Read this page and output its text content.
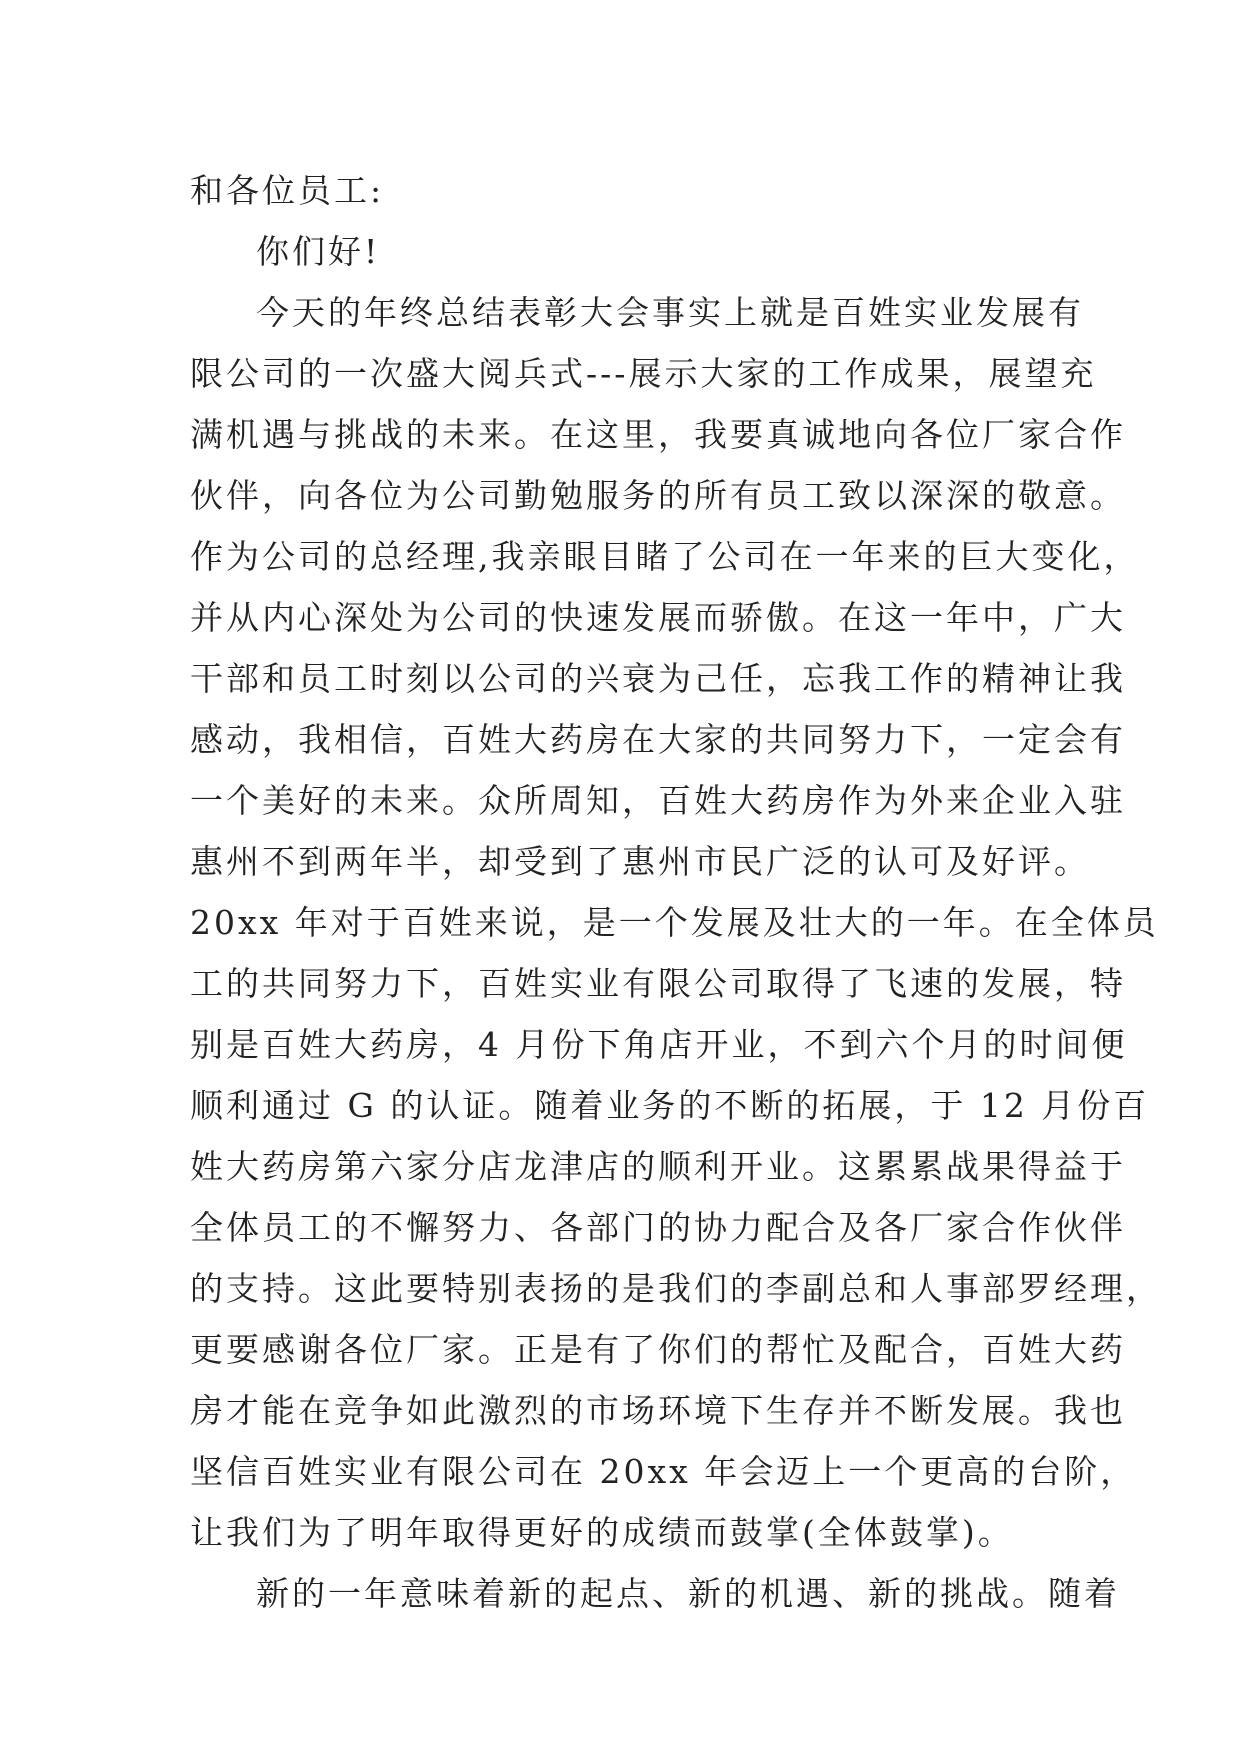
和各位员工:
你们好!
今天的年终总结表彰大会事实上就是百姓实业发展有
限公司的一次盛大阅兵式---展示大家的工作成果，展望充
满机遇与挑战的未来。在这里，我要真诚地向各位厂家合作
伙伴，向各位为公司勤勉服务的所有员工致以深深的敬意。
作为公司的总经理,我亲眼目睹了公司在一年来的巨大变化，
并从内心深处为公司的快速发展而骄傲。在这一年中，广大
干部和员工时刻以公司的兴衰为己任，忘我工作的精神让我
感动，我相信，百姓大药房在大家的共同努力下，一定会有
一个美好的未来。众所周知，百姓大药房作为外来企业入驻
惠州不到两年半，却受到了惠州市民广泛的认可及好评。
20xx 年对于百姓来说，是一个发展及壮大的一年。在全体员
工的共同努力下，百姓实业有限公司取得了飞速的发展，特
别是百姓大药房，4 月份下角店开业，不到六个月的时间便
顺利通过 G 的认证。随着业务的不断的拓展，于 12 月份百
姓大药房第六家分店龙津店的顺利开业。这累累战果得益于
全体员工的不懈努力、各部门的协力配合及各厂家合作伙伴
的支持。这此要特别表扬的是我们的李副总和人事部罗经理，
更要感谢各位厂家。正是有了你们的帮忙及配合，百姓大药
房才能在竞争如此激烈的市场环境下生存并不断发展。我也
坚信百姓实业有限公司在 20xx 年会迈上一个更高的台阶，
让我们为了明年取得更好的成绩而鼓掌(全体鼓掌)。
新的一年意味着新的起点、新的机遇、新的挑战。随着
